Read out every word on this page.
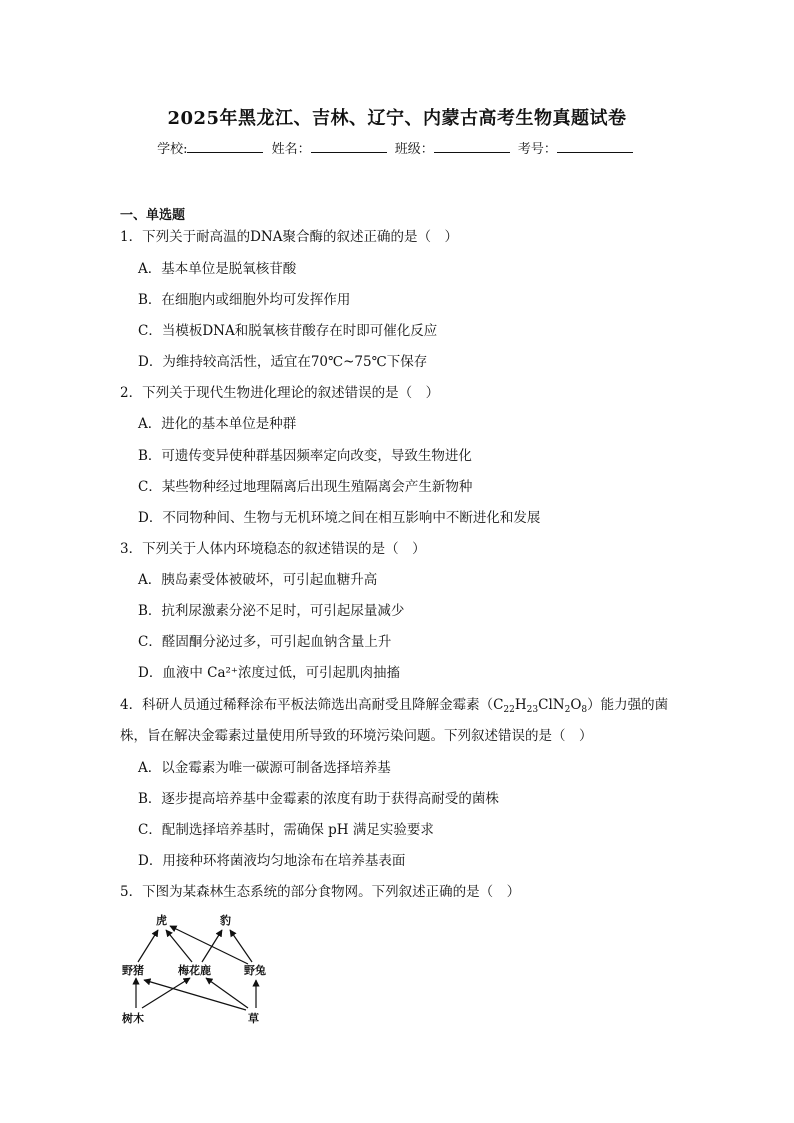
2025年黑龙江、吉林、辽宁、内蒙古高考生物真题试卷
学校:	姓名：	班级：	考号：
一、单选题
1．下列关于耐高温的DNA聚合酶的叙述正确的是（　）
A．基本单位是脱氧核苷酸
B．在细胞内或细胞外均可发挥作用
C．当模板DNA和脱氧核苷酸存在时即可催化反应
D．为维持较高活性，适宜在70℃~75℃下保存
2．下列关于现代生物进化理论的叙述错误的是（　）
A．进化的基本单位是种群
B．可遗传变异使种群基因频率定向改变，导致生物进化
C．某些物种经过地理隔离后出现生殖隔离会产生新物种
D．不同物种间、生物与无机环境之间在相互影响中不断进化和发展
3．下列关于人体内环境稳态的叙述错误的是（　）
A．胰岛素受体被破坏，可引起血糖升高
B．抗利尿激素分泌不足时，可引起尿量减少
C．醛固酮分泌过多，可引起血钠含量上升
D．血液中 Ca²⁺浓度过低，可引起肌肉抽搐
4．科研人员通过稀释涂布平板法筛选出高耐受且降解金霉素$(C_{22}H_{23}ClN_2O_8)$能力强的菌
株，旨在解决金霉素过量使用所导致的环境污染问题。下列叙述错误的是（　）
A．以金霉素为唯一碳源可制备选择培养基
B．逐步提高培养基中金霉素的浓度有助于获得高耐受的菌株
C．配制选择培养基时，需确保 pH 满足实验要求
D．用接种环将菌液均匀地涂布在培养基表面
5．下图为某森林生态系统的部分食物网。下列叙述正确的是（　）
虎	豹
野猪	梅花鹿	野兔
树木	草
